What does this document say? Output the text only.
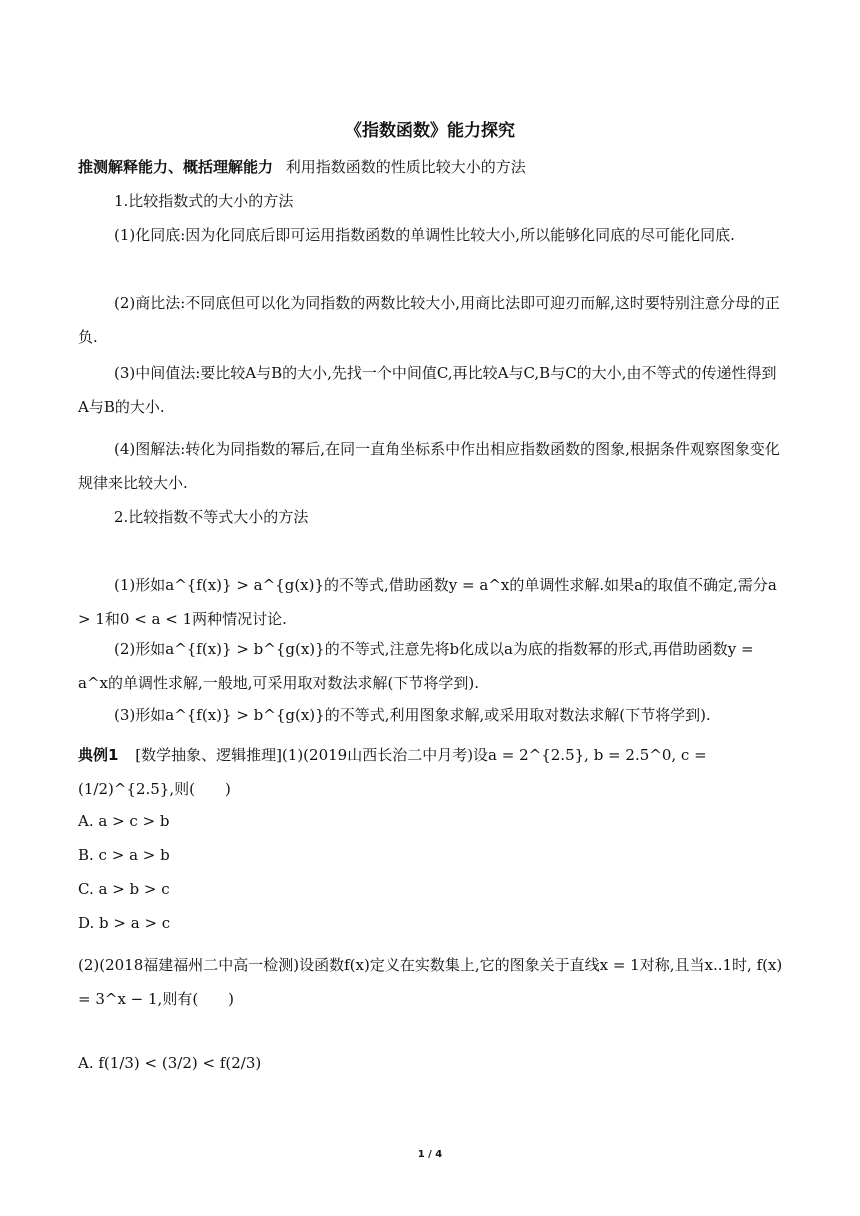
《指数函数》能力探究
推测解释能力、概括理解能力 利用指数函数的性质比较大小的方法
1.比较指数式的大小的方法
(1)化同底:因为化同底后即可运用指数函数的单调性比较大小,所以能够化同底的尽可能化同底.
(2)商比法:不同底但可以化为同指数的两数比较大小,用商比法即可迎刃而解,这时要特别注意分母的正负.
(3)中间值法:要比较A与B的大小,先找一个中间值C,再比较A与C,B与C的大小,由不等式的传递性得到A与B的大小.
(4)图解法:转化为同指数的幂后,在同一直角坐标系中作出相应指数函数的图象,根据条件观察图象变化规律来比较大小.
2.比较指数不等式大小的方法
(1)形如a^{f(x)} > a^{g(x)}的不等式,借助函数y = a^x的单调性求解.如果a的取值不确定,需分a > 1和0 < a < 1两种情况讨论.
(2)形如a^{f(x)} > b^{g(x)}的不等式,注意先将b化成以a为底的指数幂的形式,再借助函数y = a^x的单调性求解,一般地,可采用取对数法求解(下节将学到).
(3)形如a^{f(x)} > b^{g(x)}的不等式,利用图象求解,或采用取对数法求解(下节将学到).
典例1 [数学抽象、逻辑推理](1)(2019山西长治二中月考)设a = 2^{2.5}, b = 2.5^0, c = (1/2)^{2.5},则(　　)
A. a > c > b
B. c > a > b
C. a > b > c
D. b > a > c
(2)(2018福建福州二中高一检测)设函数f(x)定义在实数集上,它的图象关于直线x = 1对称,且当x..1时, f(x) = 3^x − 1,则有(　　)
A. f(1/3) < (3/2) < f(2/3)
1 / 4
